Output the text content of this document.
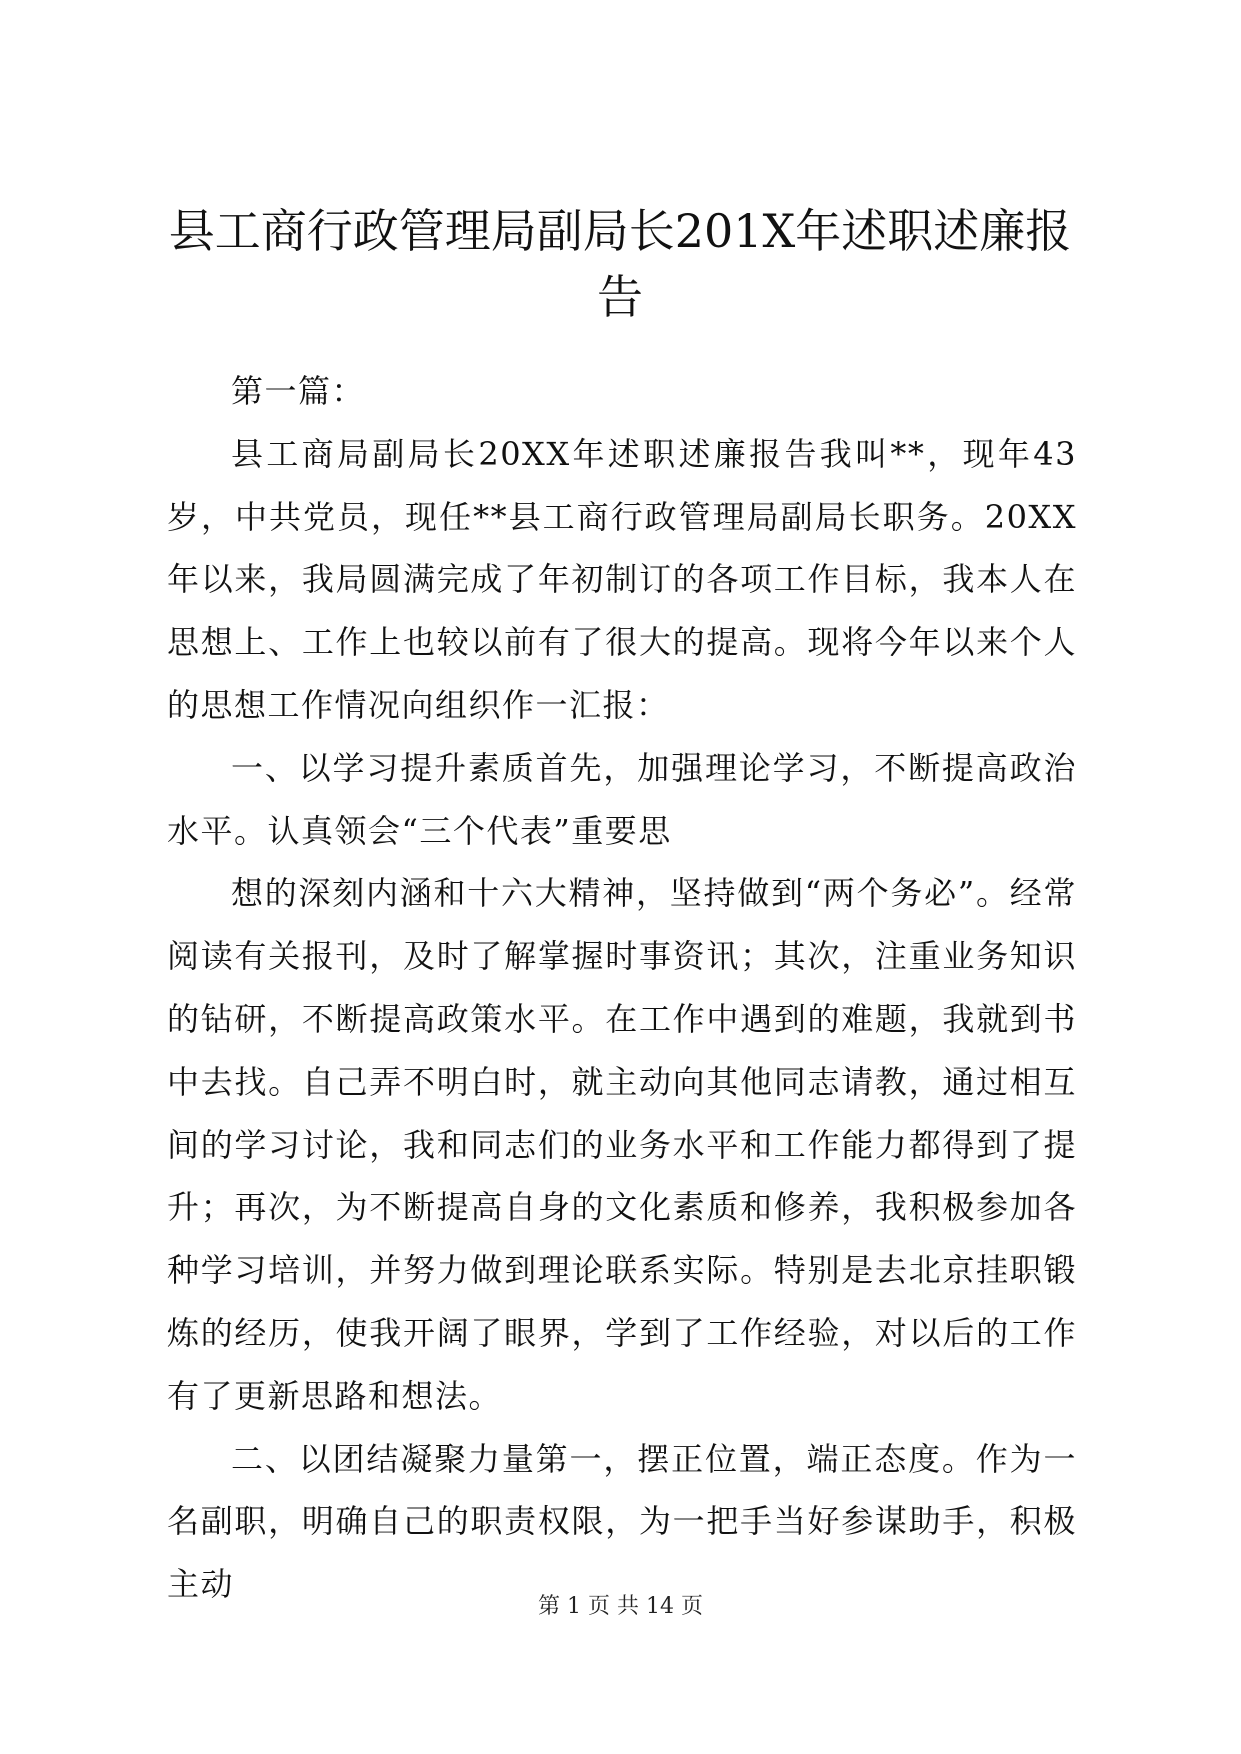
县工商行政管理局副局长201X年述职述廉报告

第一篇：

县工商局副局长20XX年述职述廉报告我叫**，现年43岁，中共党员，现任**县工商行政管理局副局长职务。20XX年以来，我局圆满完成了年初制订的各项工作目标，我本人在思想上、工作上也较以前有了很大的提高。现将今年以来个人的思想工作情况向组织作一汇报：

一、以学习提升素质首先，加强理论学习，不断提高政治水平。认真领会“三个代表”重要思

想的深刻内涵和十六大精神，坚持做到“两个务必”。经常阅读有关报刊，及时了解掌握时事资讯；其次，注重业务知识的钻研，不断提高政策水平。在工作中遇到的难题，我就到书中去找。自己弄不明白时，就主动向其他同志请教，通过相互间的学习讨论，我和同志们的业务水平和工作能力都得到了提升；再次，为不断提高自身的文化素质和修养，我积极参加各种学习培训，并努力做到理论联系实际。特别是去北京挂职锻炼的经历，使我开阔了眼界，学到了工作经验，对以后的工作有了更新思路和想法。

二、以团结凝聚力量第一，摆正位置，端正态度。作为一名副职，明确自己的职责权限，为一把手当好参谋助手，积极主动

第 1 页 共 14 页
